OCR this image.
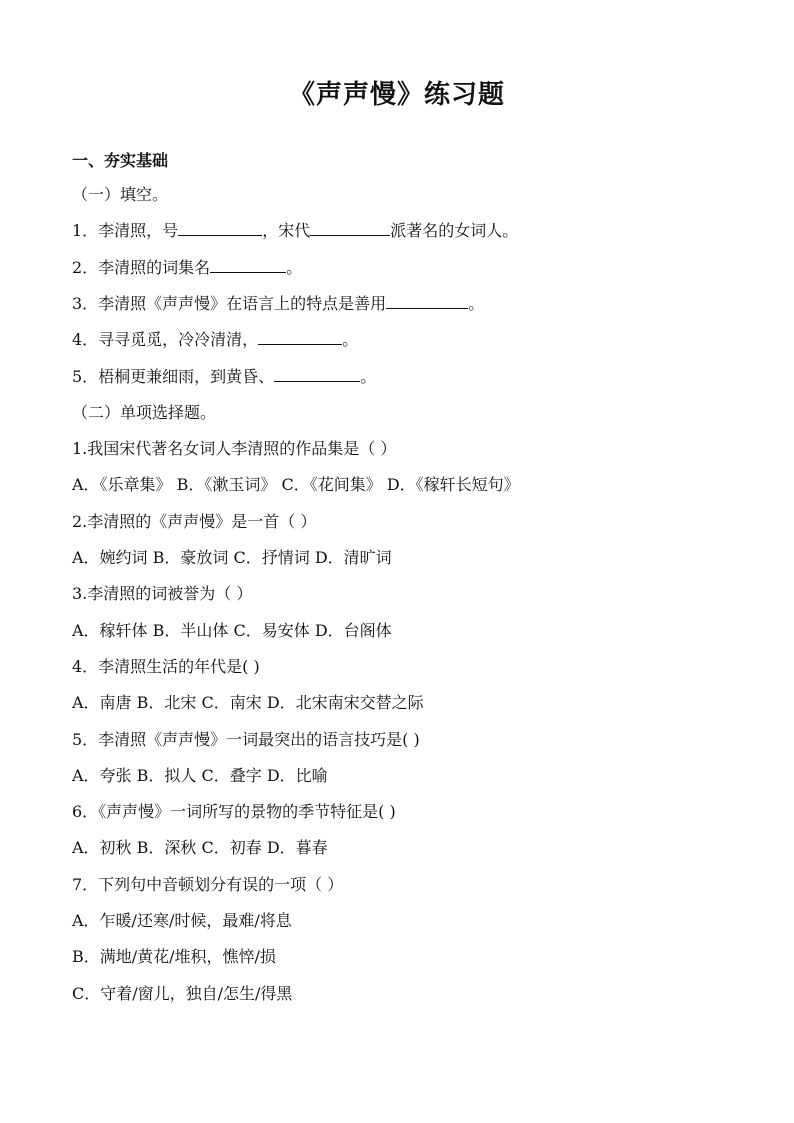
《声声慢》练习题
一、夯实基础
（一）填空。
1．李清照，号	，宋代	派著名的女词人。
2．李清照的词集名	。
3．李清照《声声慢》在语言上的特点是善用	。
4．寻寻觅觅，冷冷清清，	。
5．梧桐更兼细雨，到黄昏、	。
（二）单项选择题。
1.我国宋代著名女词人李清照的作品集是（ ）
A．《乐章集》 B．《漱玉词》 C．《花间集》 D．《稼轩长短句》
2.李清照的《声声慢》是一首（ ）
A．婉约词 B．豪放词 C．抒情词 D．清旷词
3.李清照的词被誉为（ ）
A．稼轩体 B．半山体 C．易安体 D．台阁体
4．李清照生活的年代是( )
A．南唐 B．北宋 C．南宋 D．北宋南宋交替之际
5．李清照《声声慢》一词最突出的语言技巧是( )
A．夸张 B．拟人 C．叠字 D．比喻
6．《声声慢》一词所写的景物的季节特征是( )
A．初秋 B．深秋 C．初春 D．暮春
7．下列句中音顿划分有误的一项（ ）
A．乍暖/还寒/时候，最难/将息
B．满地/黄花/堆积，憔悴/损
C．守着/窗儿，独自/怎生/得黑
